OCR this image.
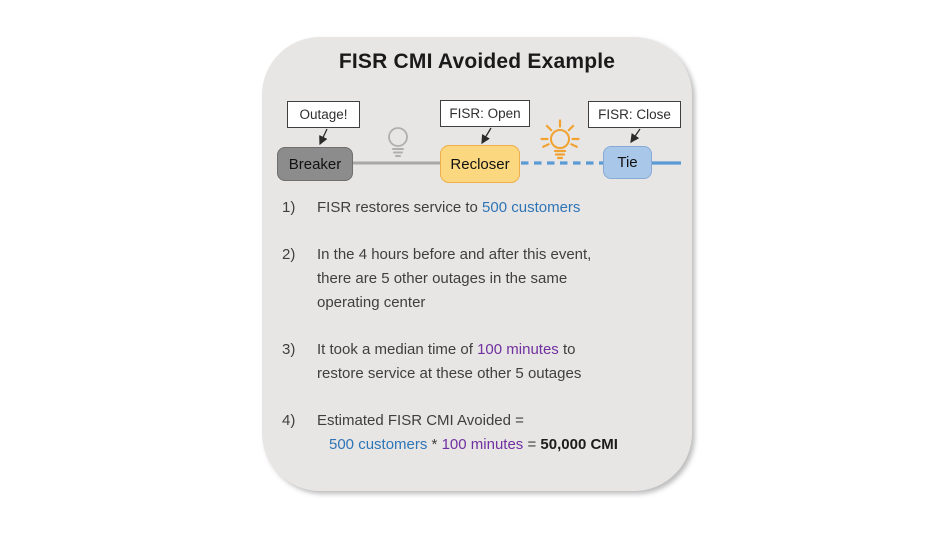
FISR CMI Avoided Example
Outage!	FISR: Open	FISR: Close
Breaker	Recloser	Tie
1)	FISR restores service to 500 customers
2)	In the 4 hours before and after this event,
there are 5 other outages in the same
operating center
3)	It took a median time of 100 minutes to
restore service at these other 5 outages
4)	Estimated FISR CMI Avoided =
500 customers * 100 minutes = 50,000 CMI
